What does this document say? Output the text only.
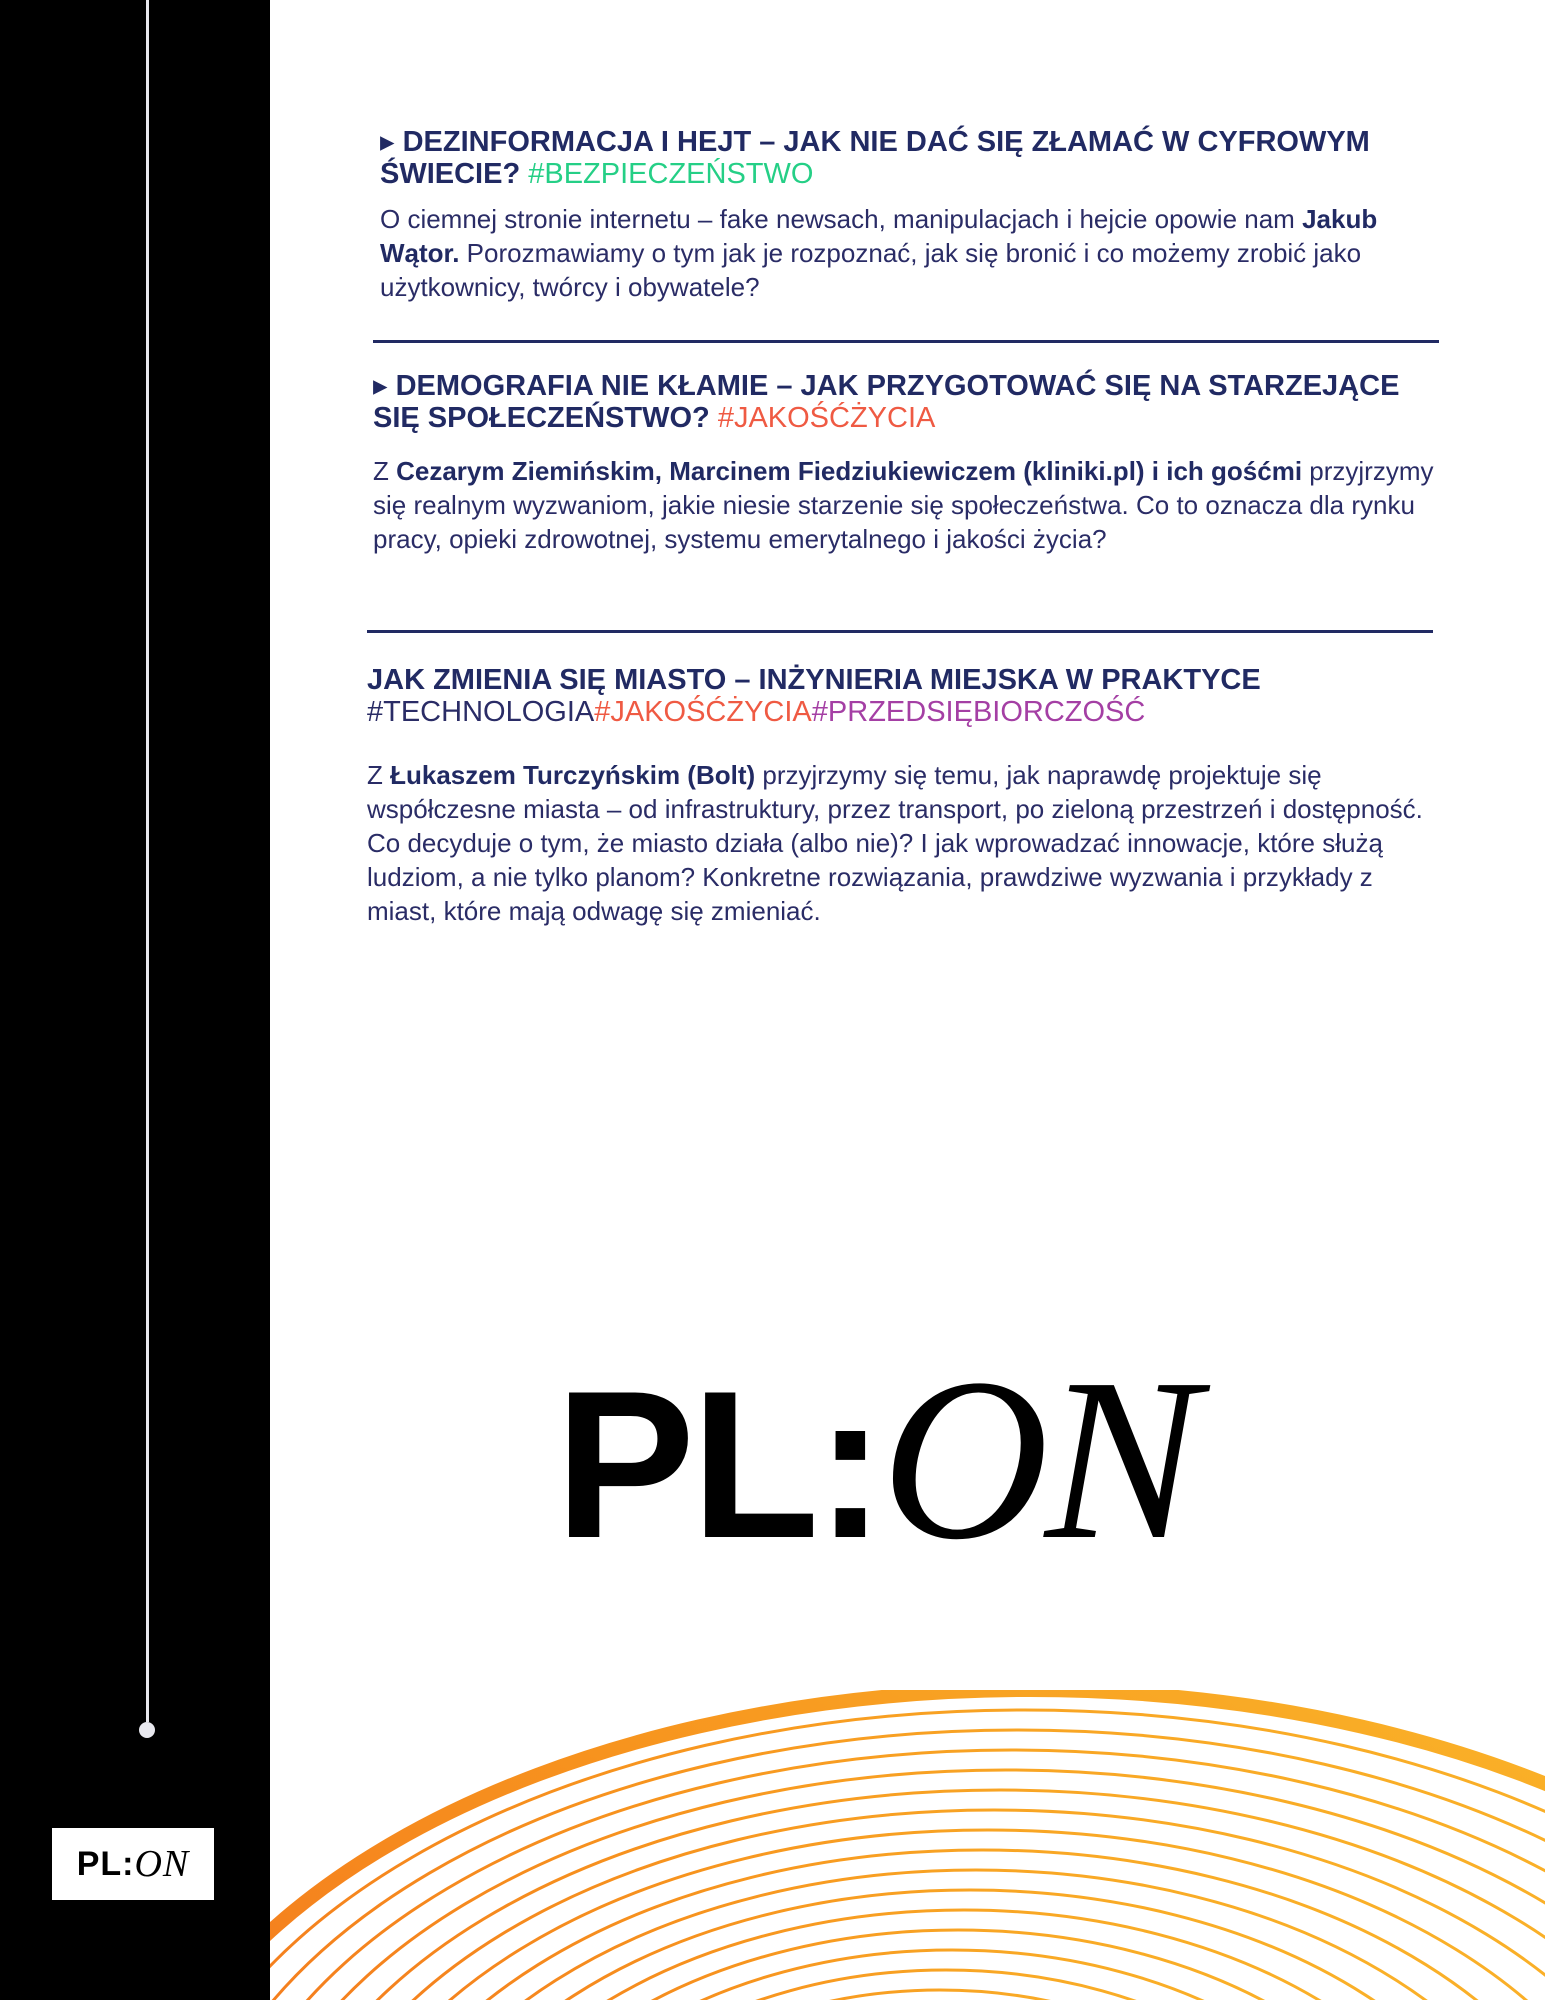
PL : ON
▸ DEZINFORMACJA I HEJT – JAK NIE DAĆ SIĘ ZŁAMAĆ W CYFROWYM ŚWIECIE? #BEZPIECZEŃSTWO
O ciemnej stronie internetu – fake newsach, manipulacjach i hejcie opowie nam Jakub Wątor. Porozmawiamy o tym jak je rozpoznać, jak się bronić i co możemy zrobić jako użytkownicy, twórcy i obywatele?
▸ DEMOGRAFIA NIE KŁAMIE – JAK PRZYGOTOWAĆ SIĘ NA STARZEJĄCE SIĘ SPOŁECZEŃSTWO? #JAKOŚĆŻYCIA
Z Cezarym Ziemińskim, Marcinem Fiedziukiewiczem (kliniki.pl) i ich gośćmi przyjrzymy się realnym wyzwaniom, jakie niesie starzenie się społeczeństwa. Co to oznacza dla rynku pracy, opieki zdrowotnej, systemu emerytalnego i jakości życia?
JAK ZMIENIA SIĘ MIASTO – INŻYNIERIA MIEJSKA W PRAKTYCE
#TECHNOLOGIA#JAKOŚĆŻYCIA#PRZEDSIĘBIORCZOŚĆ
Z Łukaszem Turczyńskim (Bolt) przyjrzymy się temu, jak naprawdę projektuje się współczesne miasta – od infrastruktury, przez transport, po zieloną przestrzeń i dostępność. Co decyduje o tym, że miasto działa (albo nie)? I jak wprowadzać innowacje, które służą ludziom, a nie tylko planom? Konkretne rozwiązania, prawdziwe wyzwania i przykłady z miast, które mają odwagę się zmieniać.
PL:ON
